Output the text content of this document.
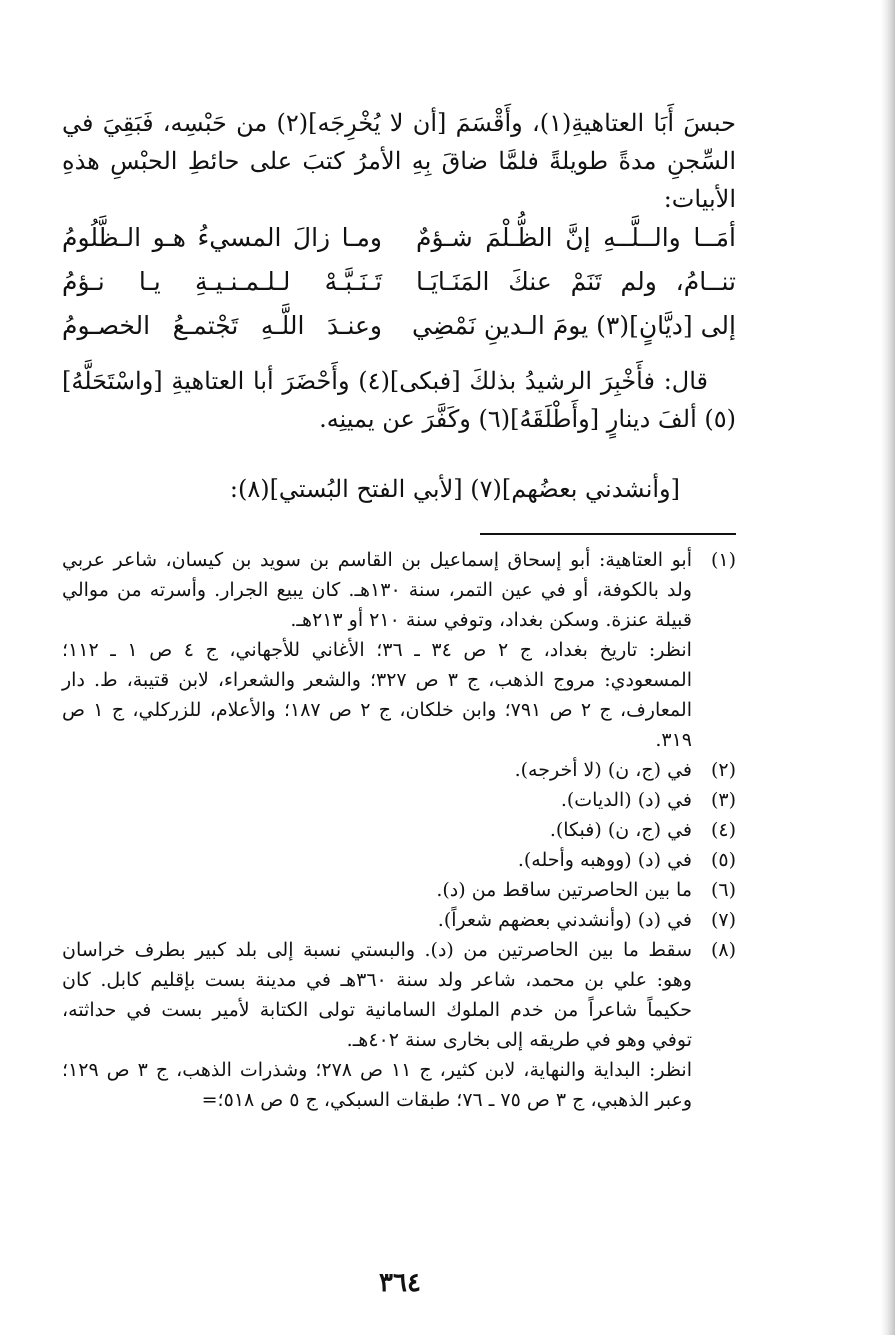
حبسَ أَبَا العتاهيةِ(١)، وأَقْسَمَ [أن لا يُخْرِجَه](٢) من حَبْسِه، فَبَقِيَ في السِّجنِ مدةً طويلةً فلمَّا ضاقَ بِهِ الأمرُ كتبَ على حائطِ الحبْسِ هذهِ الأبيات:

أمَــا والــلَّــهِ إنَّ الظُّـلْمَ شـؤمٌ
ومـا زالَ المسيءُ هـو الـظَّلُومُ
تنــامُ، ولم تَنَمْ عنكَ المَنَـايَـا
تَـنَـبَّـهْ لـلـمـنـيـةِ يـا نـؤمُ
إلى [ديَّانٍ](٣) يومَ الـدينِ نَمْضِي
وعنـدَ اللَّـهِ تَجْتمـعُ الخصـومُ

قال: فأَخْبِرَ الرشيدُ بذلكَ [فبكى](٤) وأَحْضَرَ أبا العتاهيةِ [واسْتَحَلَّهُ](٥) ألفَ دينارٍ [وأَطْلَقَهُ](٦) وكَفَّرَ عن يمينِه.

[وأنشدني بعضُهم](٧) [لأبي الفتح البُستي](٨):

(١)

أبو العتاهية: أبو إسحاق إسماعيل بن القاسم بن سويد بن كيسان، شاعر عربي ولد بالكوفة، أو في عين التمر، سنة ١٣٠هـ. كان يبيع الجرار. وأسرته من موالي قبيلة عنزة. وسكن بغداد، وتوفي سنة ٢١٠ أو ٢١٣هـ.

انظر: تاريخ بغداد، ج ٢ ص ٣٤ ـ ٣٦؛ الأغاني للأجهاني، ج ٤ ص ١ ـ ١١٢؛ المسعودي: مروج الذهب، ج ٣ ص ٣٢٧؛ والشعر والشعراء، لابن قتيبة، ط. دار المعارف، ج ٢ ص ٧٩١؛ وابن خلكان، ج ٢ ص ١٨٧؛ والأعلام، للزركلي، ج ١ ص ٣١٩.

(٢)

في (ج، ن) (لا أخرجه).

(٣)

في (د) (الديات).

(٤)

في (ج، ن) (فبكا).

(٥)

في (د) (ووهبه وأحله).

(٦)

ما بين الحاصرتين ساقط من (د).

(٧)

في (د) (وأنشدني بعضهم شعراً).

(٨)

سقط ما بين الحاصرتين من (د). والبستي نسبة إلى بلد كبير بطرف خراسان وهو: علي بن محمد، شاعر ولد سنة ٣٦٠هـ في مدينة بست بإقليم كابل. كان حكيماً شاعراً من خدم الملوك السامانية تولى الكتابة لأمير بست في حداثته، توفي وهو في طريقه إلى بخارى سنة ٤٠٢هـ.

انظر: البداية والنهاية، لابن كثير، ج ١١ ص ٢٧٨؛ وشذرات الذهب، ج ٣ ص ١٢٩؛ وعبر الذهبي، ج ٣ ص ٧٥ ـ ٧٦؛ طبقات السبكي، ج ٥ ص ٥١٨؛=

٣٦٤
